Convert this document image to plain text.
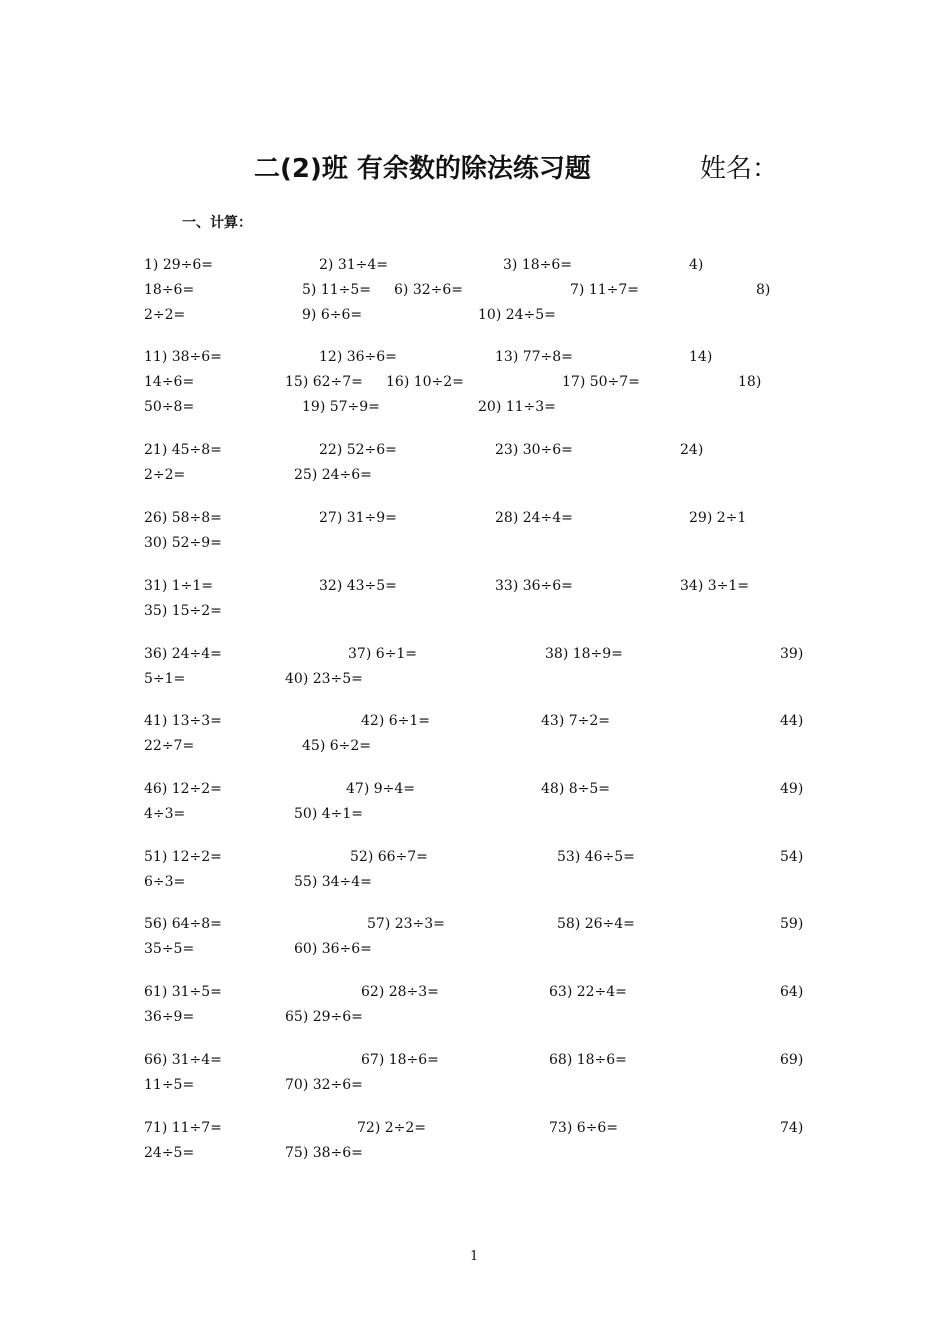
二(2)班 有余数的除法练习题	姓名：
一、计算：
1) 29÷6=	2) 31÷4=	3) 18÷6=	4)
18÷6=	5) 11÷5= 6) 32÷6=	7) 11÷7=	8)
2÷2=	9) 6÷6=	10) 24÷5=
11) 38÷6=	12) 36÷6=	13) 77÷8=	14)
14÷6=	15) 62÷7= 16) 10÷2=	17) 50÷7=	18)
50÷8=	19) 57÷9=	20) 11÷3=
21) 45÷8=	22) 52÷6=	23) 30÷6=	24)
2÷2=	25) 24÷6=
26) 58÷8=	27) 31÷9=	28) 24÷4=	29) 2÷1
30) 52÷9=
31) 1÷1=	32) 43÷5=	33) 36÷6=	34) 3÷1=
35) 15÷2=
36) 24÷4=	37) 6÷1=	38) 18÷9=	39)
5÷1=	40) 23÷5=
41) 13÷3=	42) 6÷1=	43) 7÷2=	44)
22÷7=	45) 6÷2=
46) 12÷2=	47) 9÷4=	48) 8÷5=	49)
4÷3=	50) 4÷1=
51) 12÷2=	52) 66÷7=	53) 46÷5=	54)
6÷3=	55) 34÷4=
56) 64÷8=	57) 23÷3=	58) 26÷4=	59)
35÷5=	60) 36÷6=
61) 31÷5=	62) 28÷3=	63) 22÷4=	64)
36÷9=	65) 29÷6=
66) 31÷4=	67) 18÷6=	68) 18÷6=	69)
11÷5=	70) 32÷6=
71) 11÷7=	72) 2÷2=	73) 6÷6=	74)
24÷5=	75) 38÷6=
1
